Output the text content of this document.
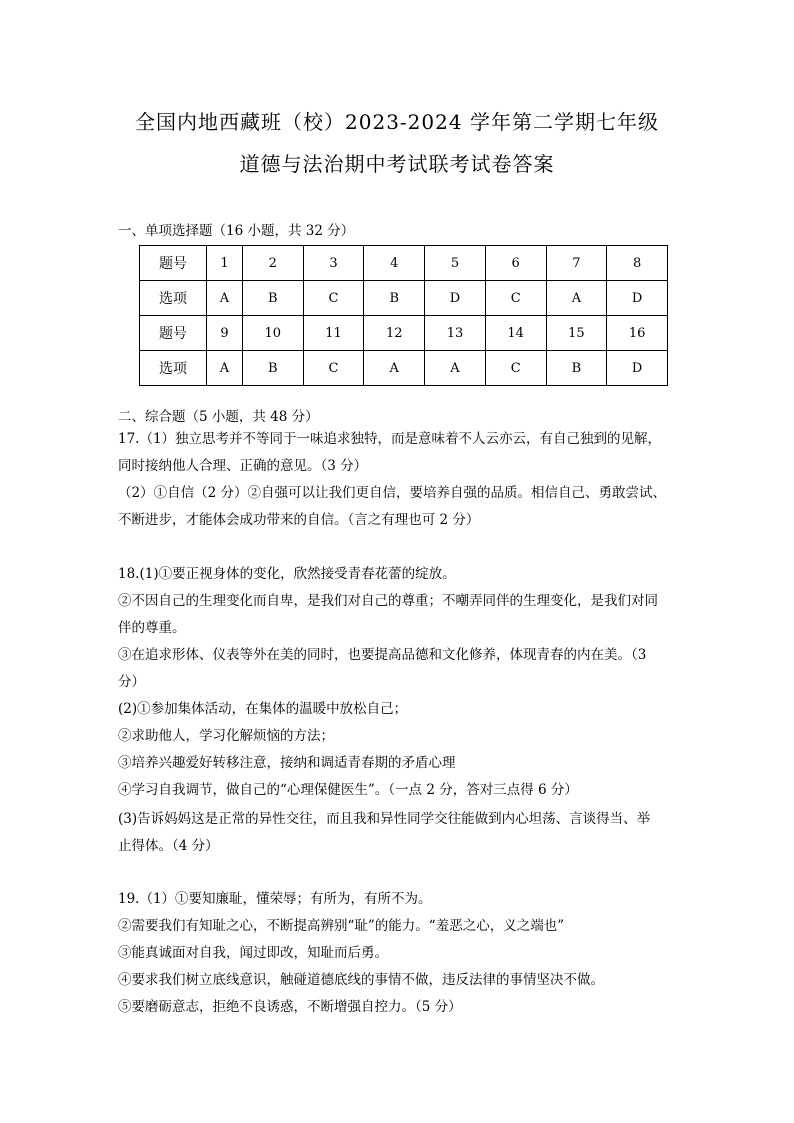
全国内地西藏班（校）2023-2024 学年第二学期七年级
道德与法治期中考试联考试卷答案
一、单项选择题（16 小题，共 32 分）
题号	1	2	3	4	5	6	7	8
选项	A	B	C	B	D	C	A	D
题号	9	10	11	12	13	14	15	16
选项	A	B	C	A	A	C	B	D
二、综合题（5 小题，共 48 分）
17.（1）独立思考并不等同于一味追求独特，而是意味着不人云亦云，有自己独到的见解，
同时接纳他人合理、正确的意见。（3 分）
（2）①自信（2 分）②自强可以让我们更自信，要培养自强的品质。相信自己、勇敢尝试、
不断进步，才能体会成功带来的自信。（言之有理也可 2 分）
18.(1)①要正视身体的变化，欣然接受青春花蕾的绽放。
②不因自己的生理变化而自卑，是我们对自己的尊重；不嘲弄同伴的生理变化，是我们对同
伴的尊重。
③在追求形体、仪表等外在美的同时，也要提高品德和文化修养，体现青春的内在美。（3
分）
(2)①参加集体活动，在集体的温暖中放松自己；
②求助他人，学习化解烦恼的方法；
③培养兴趣爱好转移注意，接纳和调适青春期的矛盾心理
④学习自我调节，做自己的“心理保健医生”。（一点 2 分，答对三点得 6 分）
(3)告诉妈妈这是正常的异性交往，而且我和异性同学交往能做到内心坦荡、言谈得当、举
止得体。（4 分）
19.（1）①要知廉耻，懂荣辱；有所为，有所不为。
②需要我们有知耻之心，不断提高辨别“耻”的能力。“羞恶之心，义之端也”
③能真诚面对自我，闻过即改，知耻而后勇。
④要求我们树立底线意识，触碰道德底线的事情不做，违反法律的事情坚决不做。
⑤要磨砺意志，拒绝不良诱惑，不断增强自控力。（5 分）
